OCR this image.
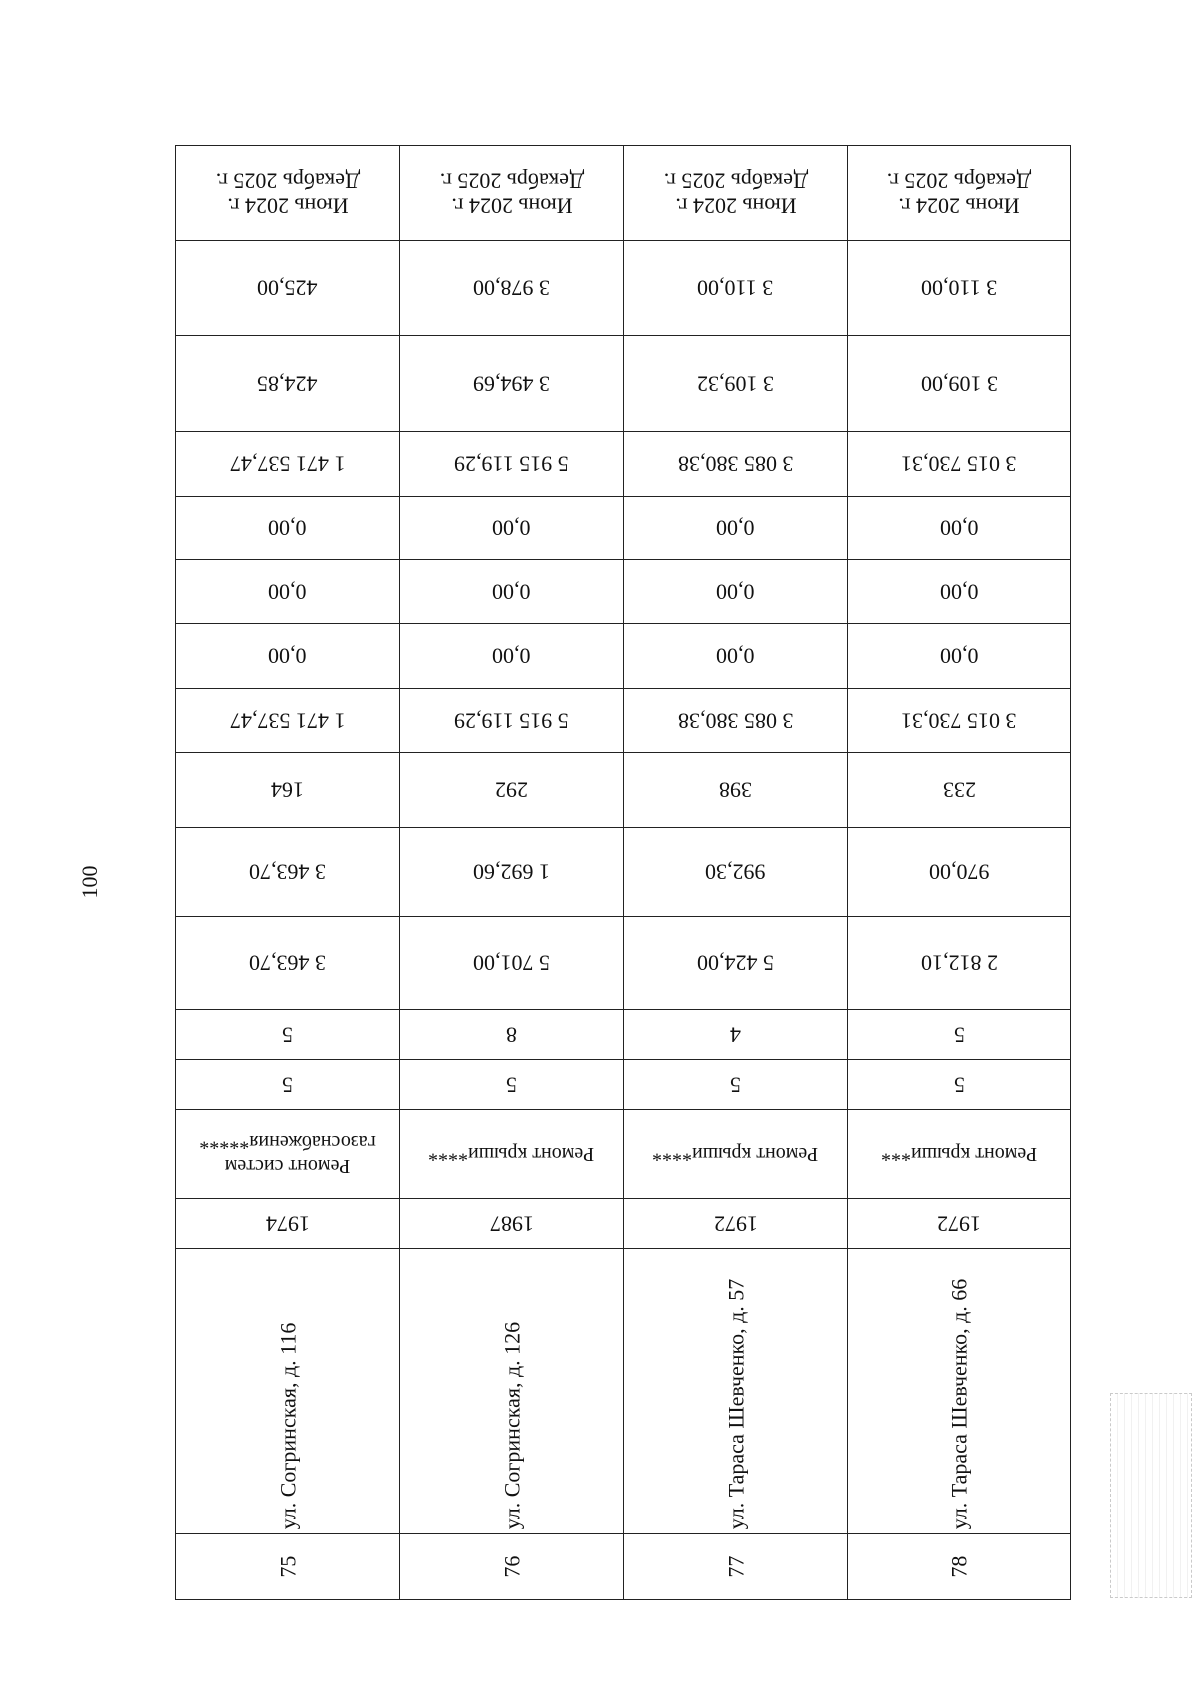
100
Июнь 2024 г. Декабрь 2025 г.
425,00
424,85
1 471 537,47
0,00
0,00
0,00
1 471 537,47
164
3 463,70
3 463,70
5
5
Ремонт систем газоснабжения*****
1974
ул. Согринская, д. 116
75
Июнь 2024 г. Декабрь 2025 г.
3 978,00
3 494,69
5 915 119,29
0,00
0,00
0,00
5 915 119,29
292
1 692,60
5 701,00
8
5
Ремонт крыши****
1987
ул. Согринская, д. 126
76
Июнь 2024 г. Декабрь 2025 г.
3 110,00
3 109,32
3 085 380,38
0,00
0,00
0,00
3 085 380,38
398
992,30
5 424,00
4
5
Ремонт крыши****
1972
ул. Тараса Шевченко, д. 57
77
Июнь 2024 г. Декабрь 2025 г.
3 110,00
3 109,00
3 015 730,31
0,00
0,00
0,00
3 015 730,31
233
970,00
2 812,10
5
5
Ремонт крыши***
1972
ул. Тараса Шевченко, д. 66
78
